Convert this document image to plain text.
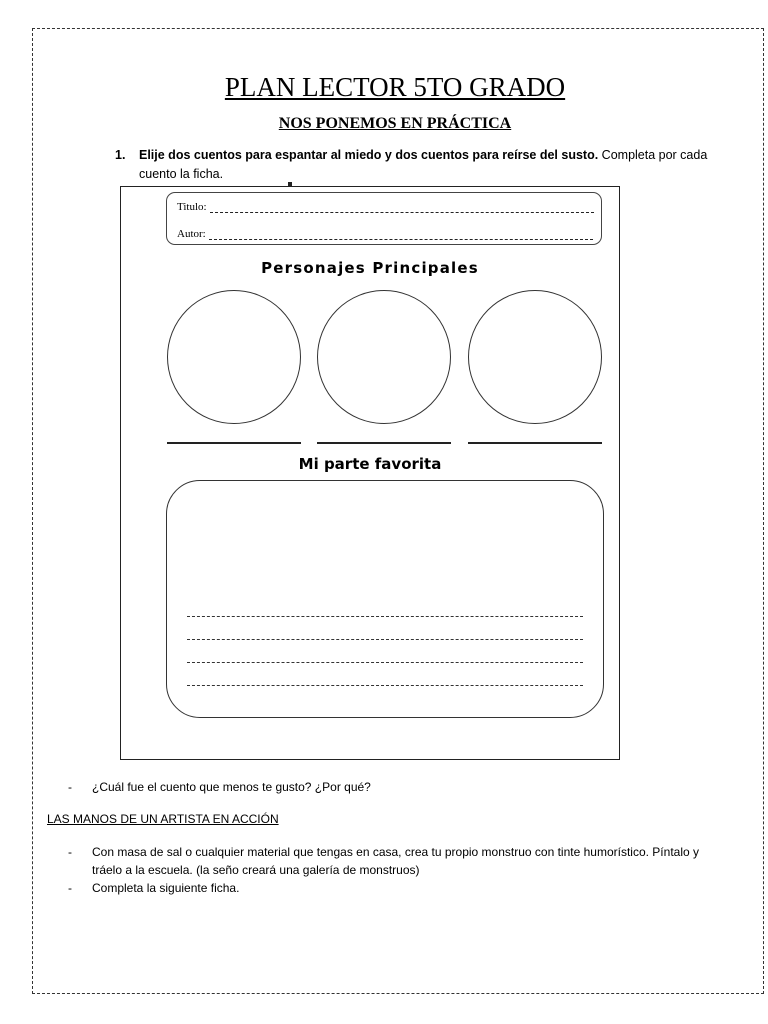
PLAN LECTOR 5TO GRADO
NOS PONEMOS EN PRÁCTICA
1.	Elije dos cuentos para espantar al miedo y dos cuentos para reírse del susto. Completa por cada cuento la ficha.
Titulo:
Autor:
Personajes Principales
Mi parte favorita
- ¿Cuál fue el cuento que menos te gusto? ¿Por qué?
LAS MANOS DE UN ARTISTA EN ACCIÓN
- Con masa de sal o cualquier material que tengas en casa, crea tu propio monstruo con tinte humorístico. Píntalo y tráelo a la escuela. (la seño creará una galería de monstruos)
- Completa la siguiente ficha.
